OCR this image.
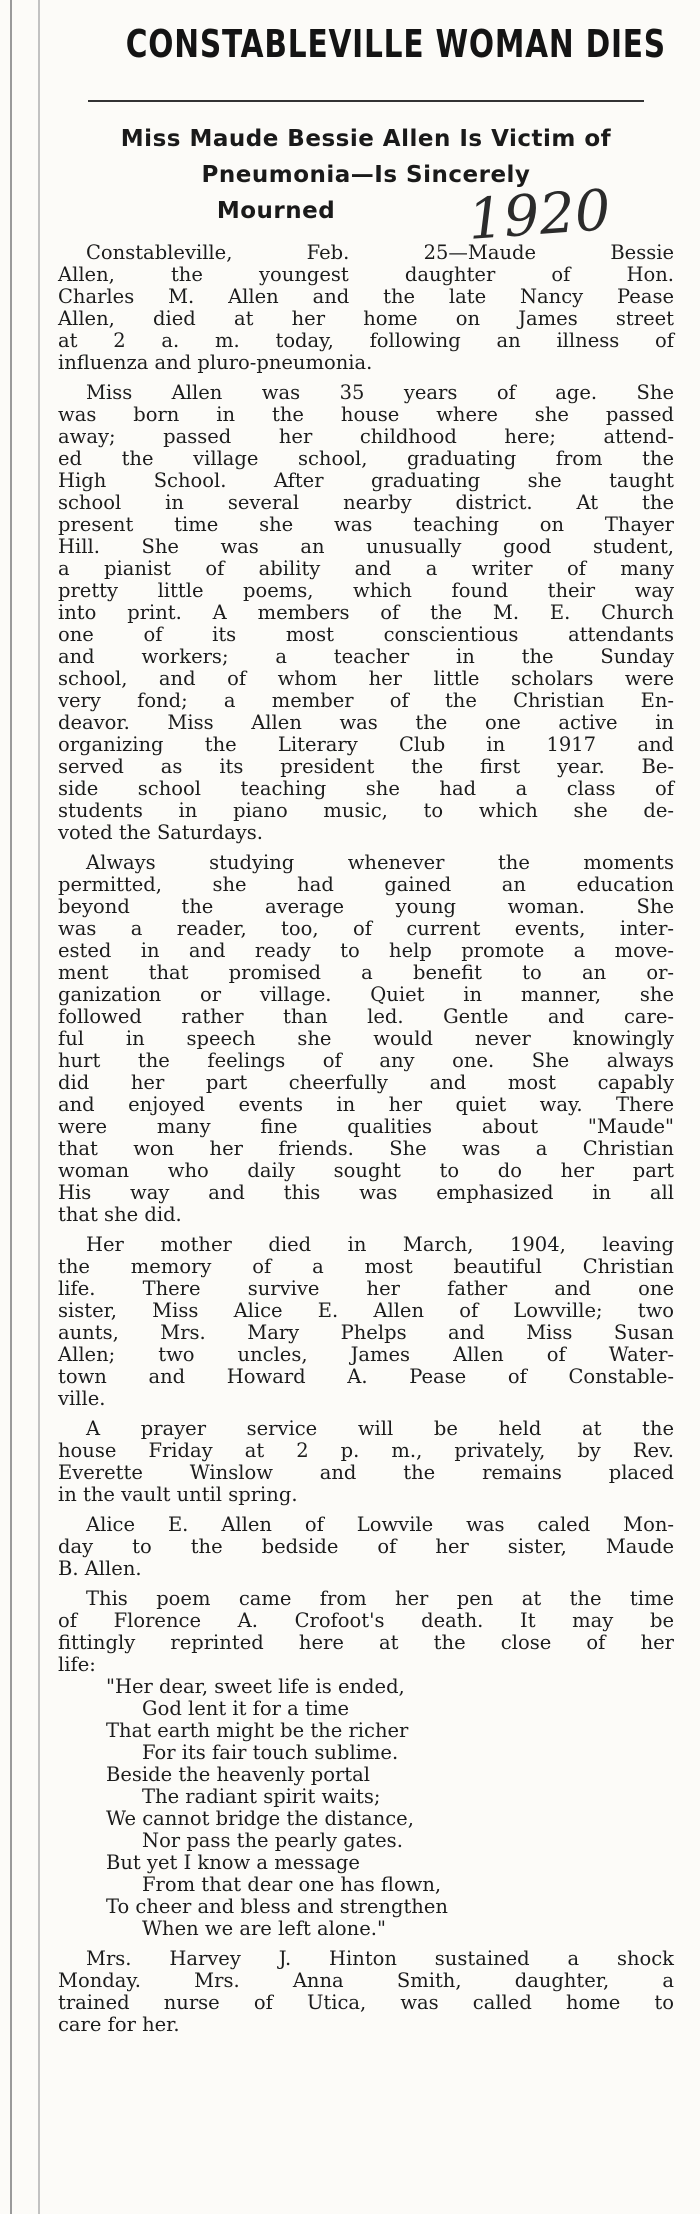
CONSTABLEVILLE WOMAN DIES
Miss Maude Bessie Allen Is Victim of
Pneumonia—Is Sincerely
Mourned	1920
Constableville, Feb. 25—Maude Bessie
Allen, the youngest daughter of Hon.
Charles M. Allen and the late Nancy Pease
Allen, died at her home on James street
at 2 a. m. today, following an illness of
influenza and pluro-pneumonia.
Miss Allen was 35 years of age. She
was born in the house where she passed
away; passed her childhood here; attend-
ed the village school, graduating from the
High School. After graduating she taught
school in several nearby district. At the
present time she was teaching on Thayer
Hill. She was an unusually good student,
a pianist of ability and a writer of many
pretty little poems, which found their way
into print. A members of the M. E. Church
one of its most conscientious attendants
and workers; a teacher in the Sunday
school, and of whom her little scholars were
very fond; a member of the Christian En-
deavor. Miss Allen was the one active in
organizing the Literary Club in 1917 and
served as its president the first year. Be-
side school teaching she had a class of
students in piano music, to which she de-
voted the Saturdays.
Always studying whenever the moments
permitted, she had gained an education
beyond the average young woman. She
was a reader, too, of current events, inter-
ested in and ready to help promote a move-
ment that promised a benefit to an or-
ganization or village. Quiet in manner, she
followed rather than led. Gentle and care-
ful in speech she would never knowingly
hurt the feelings of any one. She always
did her part cheerfully and most capably
and enjoyed events in her quiet way. There
were many fine qualities about "Maude"
that won her friends. She was a Christian
woman who daily sought to do her part
His way and this was emphasized in all
that she did.
Her mother died in March, 1904, leaving
the memory of a most beautiful Christian
life. There survive her father and one
sister, Miss Alice E. Allen of Lowville; two
aunts, Mrs. Mary Phelps and Miss Susan
Allen; two uncles, James Allen of Water-
town and Howard A. Pease of Constable-
ville.
A prayer service will be held at the
house Friday at 2 p. m., privately, by Rev.
Everette Winslow and the remains placed
in the vault until spring.
Alice E. Allen of Lowvile was caled Mon-
day to the bedside of her sister, Maude
B. Allen.
This poem came from her pen at the time
of Florence A. Crofoot's death. It may be
fittingly reprinted here at the close of her
life:
"Her dear, sweet life is ended,
God lent it for a time
That earth might be the richer
For its fair touch sublime.
Beside the heavenly portal
The radiant spirit waits;
We cannot bridge the distance,
Nor pass the pearly gates.
But yet I know a message
From that dear one has flown,
To cheer and bless and strengthen
When we are left alone."
Mrs. Harvey J. Hinton sustained a shock
Monday. Mrs. Anna Smith, daughter, a
trained nurse of Utica, was called home to
care for her.
